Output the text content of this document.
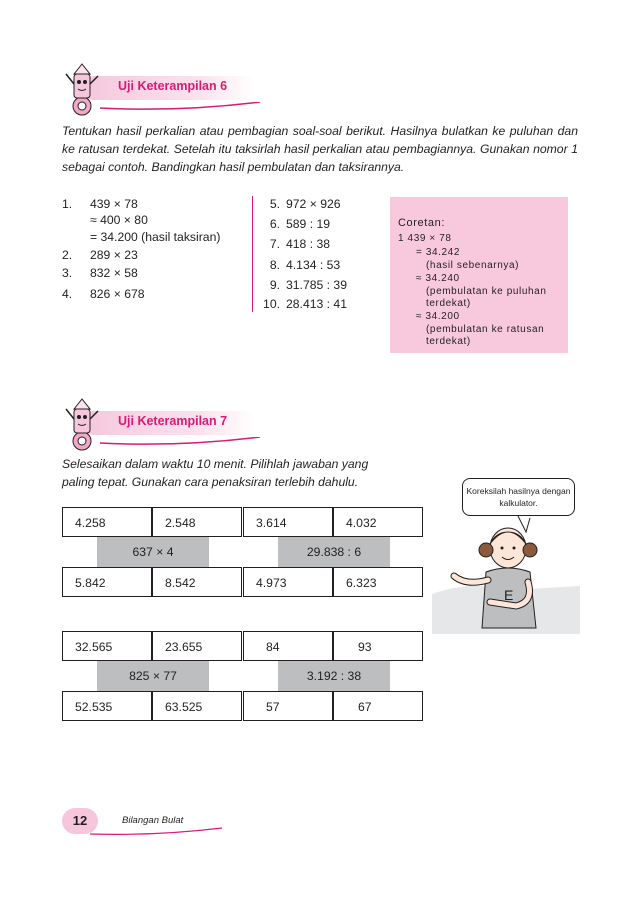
Uji Keterampilan 6
Tentukan hasil perkalian atau pembagian soal-soal berikut. Hasilnya bulatkan ke puluhan dan ke ratusan terdekat. Setelah itu taksirlah hasil perkalian atau pembagiannya. Gunakan nomor 1 sebagai contoh. Bandingkan hasil pembulatan dan taksirannya.
1. 439 × 78
≈ 400 × 80
= 34.200 (hasil taksiran)
2. 289 × 23
3. 832 × 58
4. 826 × 678
5. 972 × 926
6. 589 : 19
7. 418 : 38
8. 4.134 : 53
9. 31.785 : 39
10. 28.413 : 41
Coretan:
1 439 × 78
= 34.242
(hasil sebenarnya)
≈ 34.240
(pembulatan ke puluhan
terdekat)
≈ 34.200
(pembulatan ke ratusan
terdekat)
Uji Keterampilan 7
Selesaikan dalam waktu 10 menit. Pilihlah jawaban yang paling tepat. Gunakan cara penaksiran terlebih dahulu.
Koreksilah hasilnya dengan kalkulator.
E
4.258	2.548
637 × 4
5.842	8.542
3.614	4.032
29.838 : 6
4.973	6.323
32.565	23.655
825 × 77
52.535	63.525
84	93
3.192 : 38
57	67
12	Bilangan Bulat
